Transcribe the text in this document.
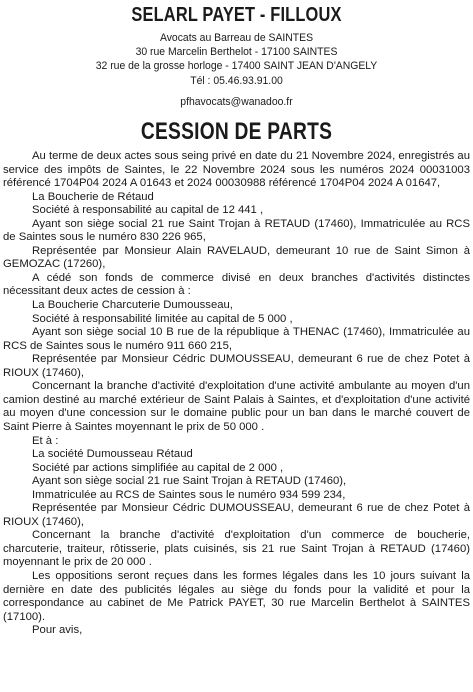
SELARL PAYET - FILLOUX
Avocats au Barreau de SAINTES
30 rue Marcelin Berthelot - 17100 SAINTES
32 rue de la grosse horloge - 17400 SAINT JEAN D'ANGELY
Tél : 05.46.93.91.00
pfhavocats@wanadoo.fr
CESSION DE PARTS

Au terme de deux actes sous seing privé en date du 21 Novembre 2024, enregistrés au service des impôts de Saintes, le 22 Novembre 2024 sous les numéros 2024 00031003 référencé 1704P04 2024 A 01643 et 2024 00030988 référencé 1704P04 2024 A 01647,

La Boucherie de Rétaud

Société à responsabilité au capital de 12 441 ,

Ayant son siège social 21 rue Saint Trojan à RETAUD (17460), Immatriculée au RCS de Saintes sous le numéro 830 226 965,

Représentée par Monsieur Alain RAVELAUD, demeurant 10 rue de Saint Simon à GEMOZAC (17260),

A cédé son fonds de commerce divisé en deux branches d'activités distinctes nécessitant deux actes de cession à :

La Boucherie Charcuterie Dumousseau,

Société à responsabilité limitée au capital de 5 000 ,

Ayant son siège social 10 B rue de la république à THENAC (17460), Immatriculée au RCS de Saintes sous le numéro 911 660 215,

Représentée par Monsieur Cédric DUMOUSSEAU, demeurant 6 rue de chez Potet à RIOUX (17460),

Concernant la branche d'activité d'exploitation d'une activité ambulante au moyen d'un camion destiné au marché extérieur de Saint Palais à Saintes, et d'exploitation d'une activité au moyen d'une concession sur le domaine public pour un ban dans le marché couvert de Saint Pierre à Saintes moyennant le prix de 50 000 .

Et à :

La société Dumousseau Rétaud

Société par actions simplifiée au capital de 2 000 ,

Ayant son siège social 21 rue Saint Trojan à RETAUD (17460),

Immatriculée au RCS de Saintes sous le numéro 934 599 234,

Représentée par Monsieur Cédric DUMOUSSEAU, demeurant 6 rue de chez Potet à RIOUX (17460),

Concernant la branche d'activité d'exploitation d'un commerce de boucherie, charcuterie, traiteur, rôtisserie, plats cuisinés, sis 21 rue Saint Trojan à RETAUD (17460) moyennant le prix de 20 000 .

Les oppositions seront reçues dans les formes légales dans les 10 jours suivant la dernière en date des publicités légales au siège du fonds pour la validité et pour la correspondance au cabinet de Me Patrick PAYET, 30 rue Marcelin Berthelot à SAINTES (17100).

Pour avis,
